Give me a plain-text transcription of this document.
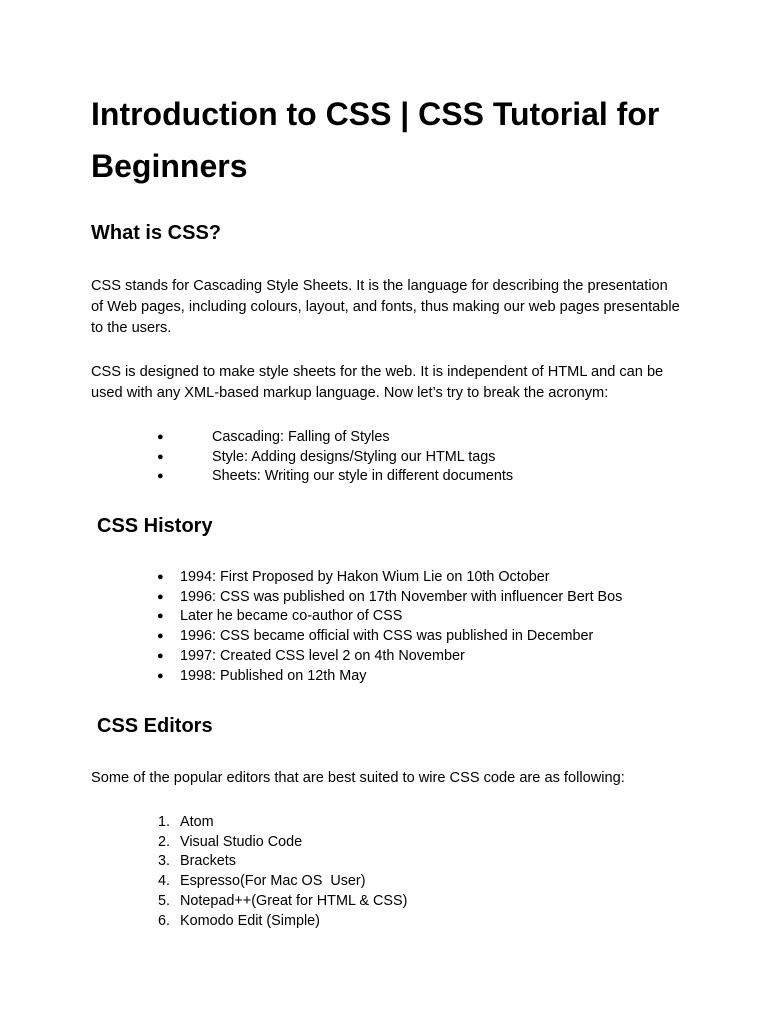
Introduction to CSS | CSS Tutorial for Beginners
What is CSS?

CSS stands for Cascading Style Sheets. It is the language for describing the presentation of Web pages, including colours, layout, and fonts, thus making our web pages presentable to the users.

CSS is designed to make style sheets for the web. It is independent of HTML and can be used with any XML-based markup language. Now let’s try to break the acronym:

●	Cascading: Falling of Styles
●	Style: Adding designs/Styling our HTML tags
●	Sheets: Writing our style in different documents
CSS History
● 1994: First Proposed by Hakon Wium Lie on 10th October
● 1996: CSS was published on 17th November with influencer Bert Bos
● Later he became co-author of CSS
● 1996: CSS became official with CSS was published in December
● 1997: Created CSS level 2 on 4th November
● 1998: Published on 12th May
CSS Editors

Some of the popular editors that are best suited to wire CSS code are as following:

1. Atom
2. Visual Studio Code
3. Brackets
4. Espresso(For Mac OS  User)
5. Notepad++(Great for HTML & CSS)
6. Komodo Edit (Simple)
